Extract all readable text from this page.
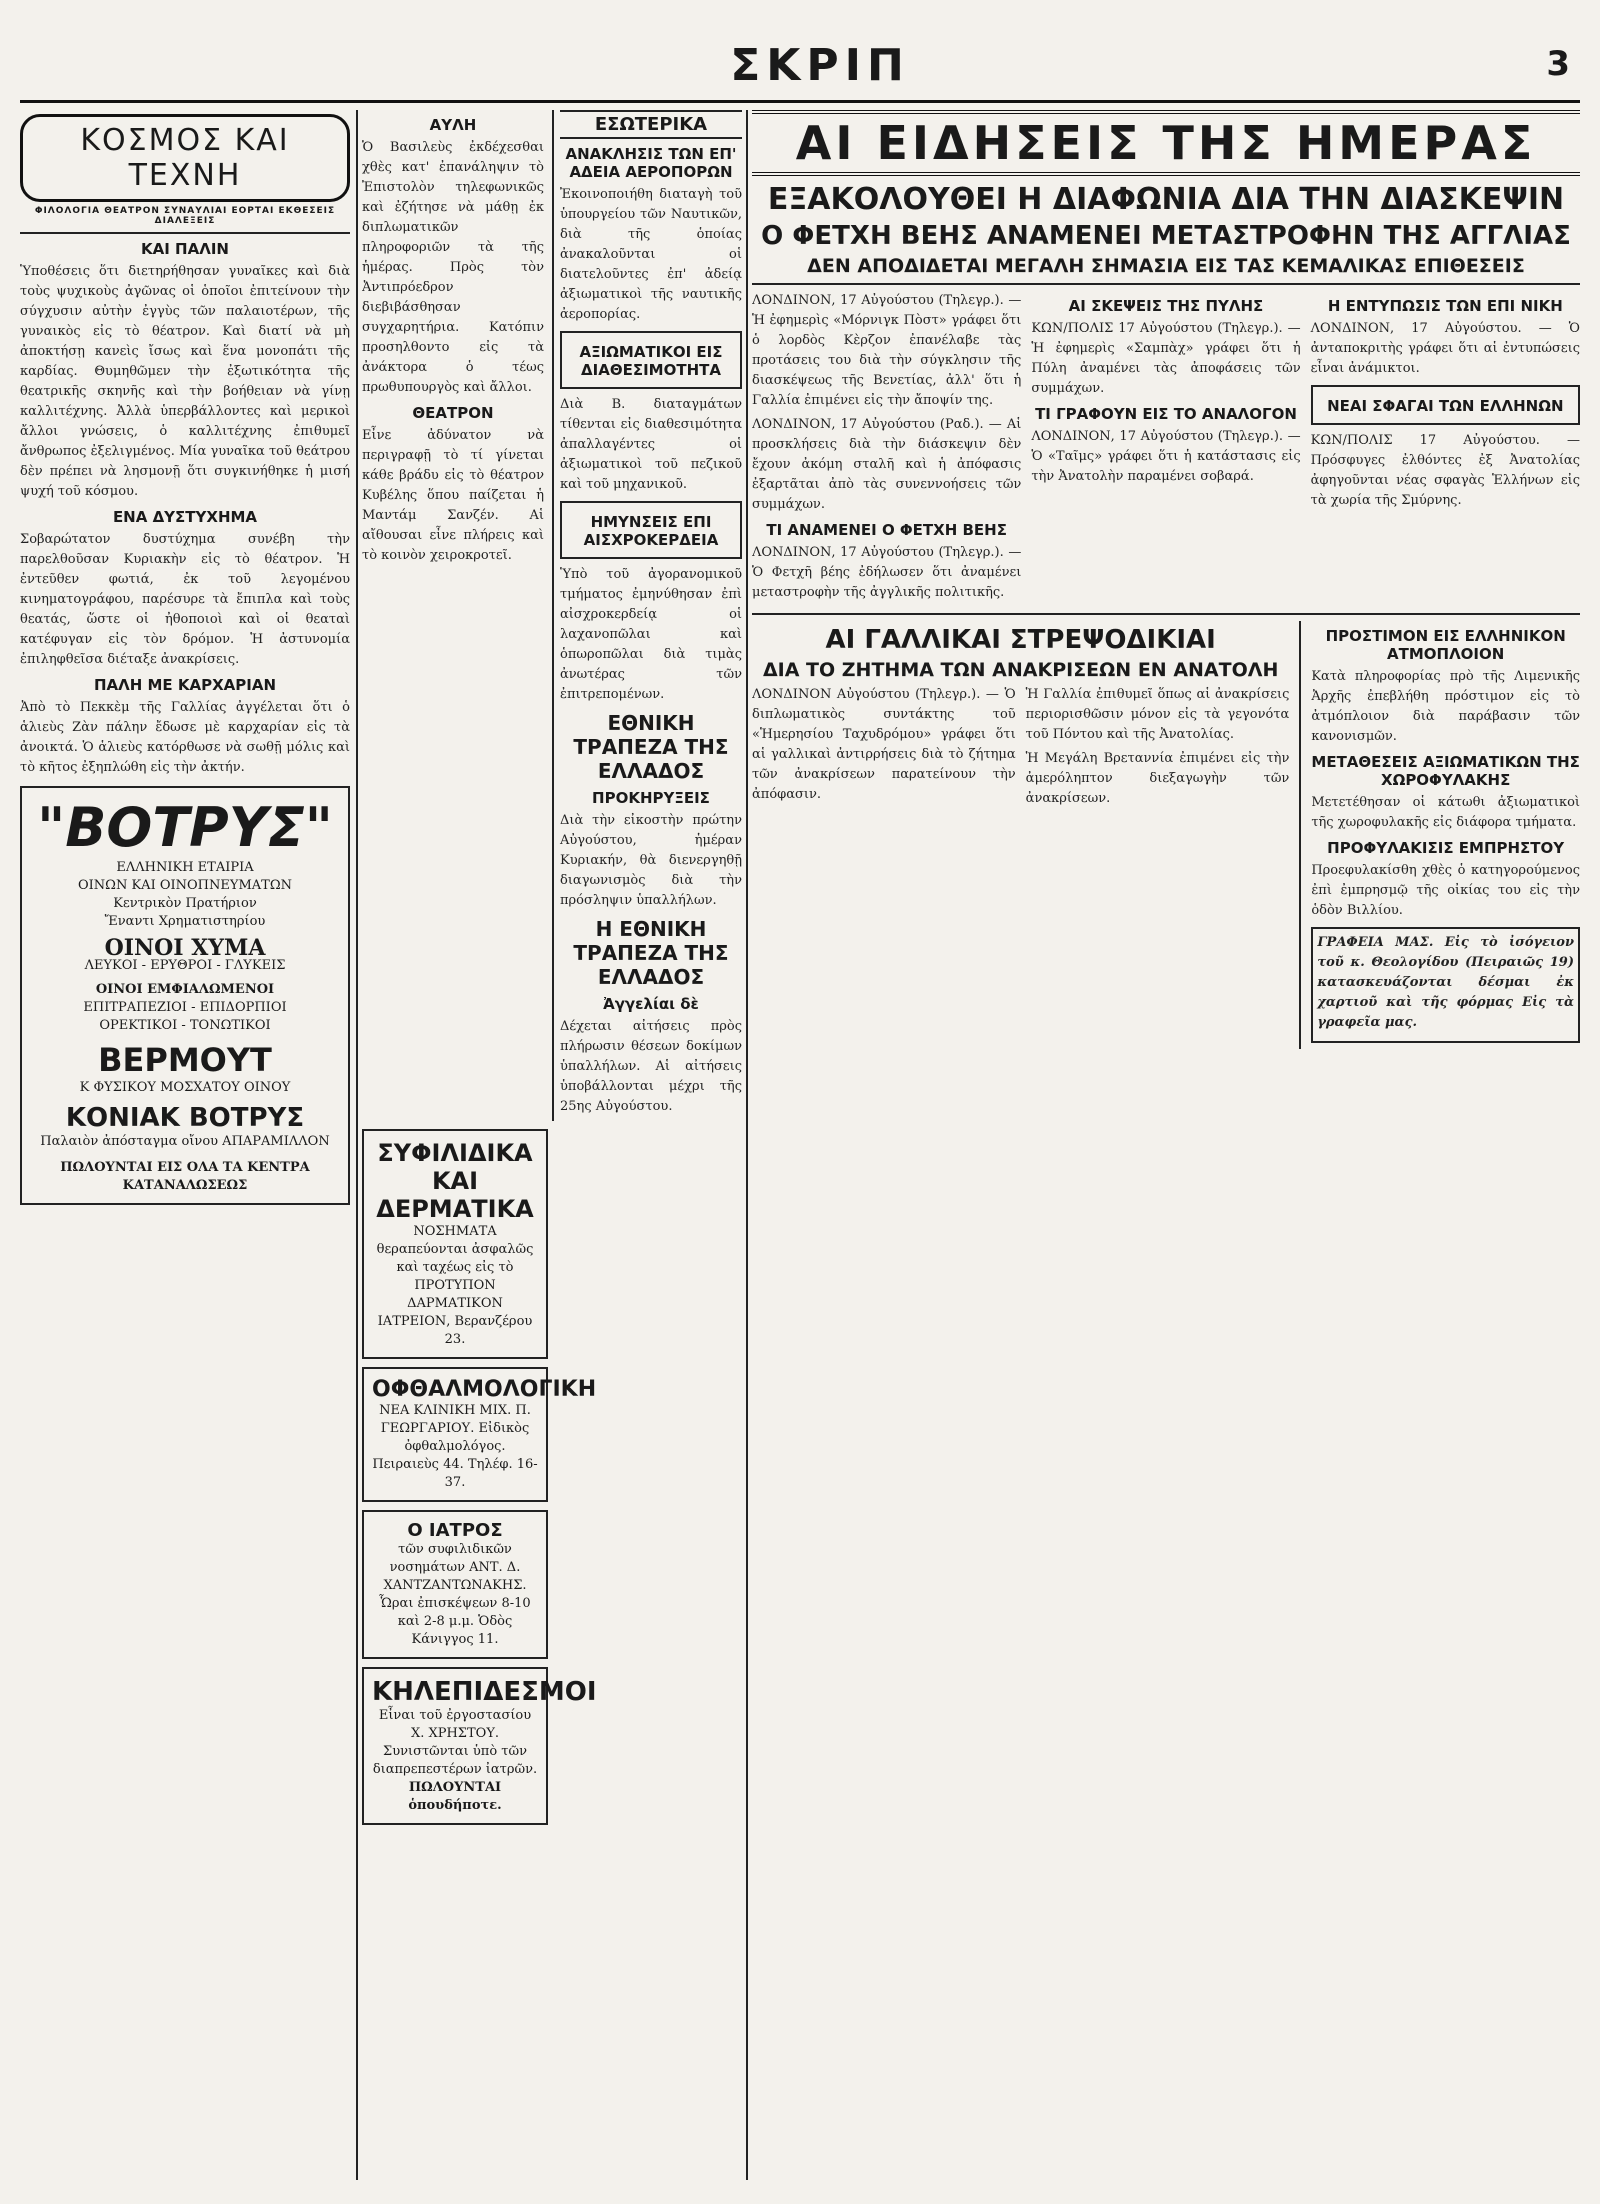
ΣΚΡΙΠ	3
ΚΟΣΜΟΣ ΚΑΙ ΤΕΧΝΗ
ΦΙΛΟΛΟΓΙΑ ΘΕΑΤΡΟΝ ΣΥΝΑΥΛΙΑΙ ΕΟΡΤΑΙ ΕΚΘΕΣΕΙΣ ΔΙΑΛΕΞΕΙΣ
ΚΑΙ ΠΑΛΙΝ

Ὑποθέσεις ὅτι διετηρήθησαν γυναῖκες καὶ διὰ τοὺς ψυχικοὺς ἀγῶνας οἱ ὁποῖοι ἐπιτείνουν τὴν σύγχυσιν αὐτὴν ἐγγὺς τῶν παλαιοτέρων, τῆς γυναικὸς εἰς τὸ θέατρον. Καὶ διατί νὰ μὴ ἀποκτήσῃ κανεὶς ἴσως καὶ ἕνα μονοπάτι τῆς καρδίας. Θυμηθῶμεν τὴν ἐξωτικότητα τῆς θεατρικῆς σκηνῆς καὶ τὴν βοήθειαν νὰ γίνῃ καλλιτέχνης. Ἀλλὰ ὑπερβάλλοντες καὶ μερικοὶ ἄλλοι γνώσεις, ὁ καλλιτέχνης ἐπιθυμεῖ ἄνθρωπος ἐξελιγμένος. Μία γυναῖκα τοῦ θεάτρου δὲν πρέπει νὰ λησμονῇ ὅτι συγκινήθηκε ἡ μισή ψυχή τοῦ κόσμου.

ΕΝΑ ΔΥΣΤΥΧΗΜΑ

Σοβαρώτατον δυστύχημα συνέβη τὴν παρελθοῦσαν Κυριακὴν εἰς τὸ θέατρον. Ἡ ἐντεῦθεν φωτιά, ἐκ τοῦ λεγομένου κινηματογράφου, παρέσυρε τὰ ἔπιπλα καὶ τοὺς θεατάς, ὥστε οἱ ἠθοποιοὶ καὶ οἱ θεαταὶ κατέφυγαν εἰς τὸν δρόμον. Ἡ ἀστυνομία ἐπιληφθεῖσα διέταξε ἀνακρίσεις.

ΠΑΛΗ ΜΕ ΚΑΡΧΑΡΙΑΝ

Ἀπὸ τὸ Πεκκὲμ τῆς Γαλλίας ἀγγέλεται ὅτι ὁ ἁλιεὺς Ζὰν πάλην ἔδωσε μὲ καρχαρίαν εἰς τὰ ἀνοικτά. Ὁ ἁλιεὺς κατόρθωσε νὰ σωθῇ μόλις καὶ τὸ κῆτος ἐξηπλώθη εἰς τὴν ἀκτήν.

"ΒΟΤΡΥΣ"
ΕΛΛΗΝΙΚΗ ΕΤΑΙΡΙΑ
ΟΙΝΩΝ ΚΑΙ ΟΙΝΟΠΝΕΥΜΑΤΩΝ
Κεντρικὸν Πρατήριον
Ἔναντι Χρηματιστηρίου
ΟΙΝΟΙ ΧΥΜΑ
ΛΕΥΚΟΙ - ΕΡΥΘΡΟΙ - ΓΛΥΚΕΙΣ
ΟΙΝΟΙ ΕΜΦΙΑΛΩΜΕΝΟΙ
ΕΠΙΤΡΑΠΕΖΙΟΙ - ΕΠΙΔΟΡΠΙΟΙ
ΟΡΕΚΤΙΚΟΙ - ΤΟΝΩΤΙΚΟΙ
ΒΕΡΜΟΥΤ
Κ ΦΥΣΙΚΟΥ ΜΟΣΧΑΤΟΥ ΟΙΝΟΥ
ΚΟΝΙΑΚ ΒΟΤΡΥΣ
Παλαιὸν ἀπόσταγμα οἴνου ΑΠΑΡΑΜΙΛΛΟΝ
ΠΩΛΟΥΝΤΑΙ ΕΙΣ ΟΛΑ ΤΑ ΚΕΝΤΡΑ ΚΑΤΑΝΑΛΩΣΕΩΣ
ΑΥΛΗ

Ὁ Βασιλεὺς ἐκδέχεσθαι χθὲς κατ' ἐπανάληψιν τὸ Ἐπιστολὸν τηλεφωνικῶς καὶ ἐζήτησε νὰ μάθῃ ἐκ διπλωματικῶν πληροφοριῶν τὰ τῆς ἡμέρας. Πρὸς τὸν Ἀντιπρόεδρον διεβιβάσθησαν συγχαρητήρια. Κατόπιν προσηλθοντο εἰς τὰ ἀνάκτορα ὁ τέως πρωθυπουργὸς καὶ ἄλλοι.

ΘΕΑΤΡΟΝ

Εἶνε ἀδύνατον νὰ περιγραφῇ τὸ τί γίνεται κάθε βράδυ εἰς τὸ θέατρον Κυβέλης ὅπου παίζεται ἡ Μαντάμ Σανζέν. Αἱ αἴθουσαι εἶνε πλήρεις καὶ τὸ κοινὸν χειροκροτεῖ.

ΕΣΩΤΕΡΙΚΑ
ΑΝΑΚΛΗΣΙΣ ΤΩΝ ΕΠ' ΑΔΕΙΑ ΑΕΡΟΠΟΡΩΝ

Ἐκοινοποιήθη διαταγὴ τοῦ ὑπουργείου τῶν Ναυτικῶν, διὰ τῆς ὁποίας ἀνακαλοῦνται οἱ διατελοῦντες ἐπ' ἀδείᾳ ἀξιωματικοὶ τῆς ναυτικῆς ἀεροπορίας.

ΑΞΙΩΜΑΤΙΚΟΙ ΕΙΣ ΔΙΑΘΕΣΙΜΟΤΗΤΑ

Διὰ Β. διαταγμάτων τίθενται εἰς διαθεσιμότητα ἀπαλλαγέντες οἱ ἀξιωματικοὶ τοῦ πεζικοῦ καὶ τοῦ μηχανικοῦ.

ΗΜΥΝΣΕΙΣ ΕΠΙ ΑΙΣΧΡΟΚΕΡΔΕΙΑ

Ὑπὸ τοῦ ἀγορανομικοῦ τμήματος ἐμηνύθησαν ἐπὶ αἰσχροκερδείᾳ οἱ λαχανοπῶλαι καὶ ὁπωροπῶλαι διὰ τιμὰς ἀνωτέρας τῶν ἐπιτρεπομένων.

ΕΘΝΙΚΗ ΤΡΑΠΕΖΑ ΤΗΣ ΕΛΛΑΔΟΣ
ΠΡΟΚΗΡΥΞΕΙΣ

Διὰ τὴν εἰκοστὴν πρώτην Αὐγούστου, ἡμέραν Κυριακήν, θὰ διενεργηθῇ διαγωνισμὸς διὰ τὴν πρόσληψιν ὑπαλλήλων.

Η ΕΘΝΙΚΗ ΤΡΑΠΕΖΑ ΤΗΣ ΕΛΛΑΔΟΣ
Ἀγγελίαι δὲ

Δέχεται αἰτήσεις πρὸς πλήρωσιν θέσεων δοκίμων ὑπαλλήλων. Αἱ αἰτήσεις ὑποβάλλονται μέχρι τῆς 25ης Αὐγούστου.

ΣΥΦΙΛΙΔΙΚΑ ΚΑΙ ΔΕΡΜΑΤΙΚΑ
ΝΟΣΗΜΑΤΑ θεραπεύονται ἀσφαλῶς καὶ ταχέως εἰς τὸ ΠΡΟΤΥΠΟΝ ΔΑΡΜΑΤΙΚΟΝ ΙΑΤΡΕΙΟΝ, Βερανζέρου 23.
ΟΦΘΑΛΜΟΛΟΓΙΚΗ
ΝΕΑ ΚΛΙΝΙΚΗ ΜΙΧ. Π. ΓΕΩΡΓΑΡΙΟΥ. Εἰδικὸς ὀφθαλμολόγος. Πειραιεὺς 44. Τηλέφ. 16-37.
Ο ΙΑΤΡΟΣ
τῶν συφιλιδικῶν νοσημάτων ΑΝΤ. Δ. ΧΑΝΤΖΑΝΤΩΝΑΚΗΣ. Ὧραι ἐπισκέψεων 8-10 καὶ 2-8 μ.μ. Ὁδὸς Κάνιγγος 11.
ΚΗΛΕΠΙΔΕΣΜΟΙ
Εἶναι τοῦ ἐργοστασίου Χ. ΧΡΗΣΤΟΥ. Συνιστῶνται ὑπὸ τῶν διαπρεπεστέρων ἰατρῶν.
ΠΩΛΟΥΝΤΑΙ ὁπουδήποτε.
ΑΙ ΕΙΔΗΣΕΙΣ ΤΗΣ ΗΜΕΡΑΣ
ΕΞΑΚΟΛΟΥΘΕΙ Η ΔΙΑΦΩΝΙΑ ΔΙΑ ΤΗΝ ΔΙΑΣΚΕΨΙΝ
Ο ΦΕΤΧΗ ΒΕΗΣ ΑΝΑΜΕΝΕΙ ΜΕΤΑΣΤΡΟΦΗΝ ΤΗΣ ΑΓΓΛΙΑΣ
ΔΕΝ ΑΠΟΔΙΔΕΤΑΙ ΜΕΓΑΛΗ ΣΗΜΑΣΙΑ ΕΙΣ ΤΑΣ ΚΕΜΑΛΙΚΑΣ ΕΠΙΘΕΣΕΙΣ

ΛΟΝΔΙΝΟΝ, 17 Αὐγούστου (Τηλεγρ.). — Ἡ ἐφημερὶς «Μόρνιγκ Πὸστ» γράφει ὅτι ὁ λορδὸς Κὲρζον ἐπανέλαβε τὰς προτάσεις του διὰ τὴν σύγκλησιν τῆς διασκέψεως τῆς Βενετίας, ἀλλ' ὅτι ἡ Γαλλία ἐπιμένει εἰς τὴν ἄποψίν της.

ΛΟΝΔΙΝΟΝ, 17 Αὐγούστου (Ραδ.). — Αἱ προσκλήσεις διὰ τὴν διάσκεψιν δὲν ἔχουν ἀκόμη σταλῆ καὶ ἡ ἀπόφασις ἐξαρτᾶται ἀπὸ τὰς συνεννοήσεις τῶν συμμάχων.

ΤΙ ΑΝΑΜΕΝΕΙ Ο ΦΕΤΧΗ ΒΕΗΣ

ΛΟΝΔΙΝΟΝ, 17 Αὐγούστου (Τηλεγρ.). — Ὁ Φετχῆ βέης ἐδήλωσεν ὅτι ἀναμένει μεταστροφὴν τῆς ἀγγλικῆς πολιτικῆς.

ΑΙ ΣΚΕΨΕΙΣ ΤΗΣ ΠΥΛΗΣ

ΚΩΝ/ΠΟΛΙΣ 17 Αὐγούστου (Τηλεγρ.). — Ἡ ἐφημερὶς «Σαμπὰχ» γράφει ὅτι ἡ Πύλη ἀναμένει τὰς ἀποφάσεις τῶν συμμάχων.

ΤΙ ΓΡΑΦΟΥΝ ΕΙΣ ΤΟ ΑΝΑΛΟΓΟΝ

ΛΟΝΔΙΝΟΝ, 17 Αὐγούστου (Τηλεγρ.). — Ὁ «Ταῖμς» γράφει ὅτι ἡ κατάστασις εἰς τὴν Ἀνατολὴν παραμένει σοβαρά.

Η ΕΝΤΥΠΩΣΙΣ ΤΩΝ ΕΠΙ ΝΙΚΗ

ΛΟΝΔΙΝΟΝ, 17 Αὐγούστου. — Ὁ ἀνταποκριτὴς γράφει ὅτι αἱ ἐντυπώσεις εἶναι ἀνάμικτοι.

ΝΕΑΙ ΣΦΑΓΑΙ ΤΩΝ ΕΛΛΗΝΩΝ

ΚΩΝ/ΠΟΛΙΣ 17 Αὐγούστου. — Πρόσφυγες ἐλθόντες ἐξ Ἀνατολίας ἀφηγοῦνται νέας σφαγὰς Ἑλλήνων εἰς τὰ χωρία τῆς Σμύρνης.

ΑΙ ΓΑΛΛΙΚΑΙ ΣΤΡΕΨΟΔΙΚΙΑΙ
ΔΙΑ ΤΟ ΖΗΤΗΜΑ ΤΩΝ ΑΝΑΚΡΙΣΕΩΝ ΕΝ ΑΝΑΤΟΛΗ

ΛΟΝΔΙΝΟΝ Αὐγούστου (Τηλεγρ.). — Ὁ διπλωματικὸς συντάκτης τοῦ «Ἡμερησίου Ταχυδρόμου» γράφει ὅτι αἱ γαλλικαὶ ἀντιρρήσεις διὰ τὸ ζήτημα τῶν ἀνακρίσεων παρατείνουν τὴν ἀπόφασιν.

Ἡ Γαλλία ἐπιθυμεῖ ὅπως αἱ ἀνακρίσεις περιορισθῶσιν μόνον εἰς τὰ γεγονότα τοῦ Πόντου καὶ τῆς Ἀνατολίας.

Ἡ Μεγάλη Βρεταννία ἐπιμένει εἰς τὴν ἀμερόληπτον διεξαγωγὴν τῶν ἀνακρίσεων.

ΠΡΟΣΤΙΜΟΝ ΕΙΣ ΕΛΛΗΝΙΚΟΝ ΑΤΜΟΠΛΟΙΟΝ

Κατὰ πληροφορίας πρὸ τῆς Λιμενικῆς Ἀρχῆς ἐπεβλήθη πρόστιμον εἰς τὸ ἀτμόπλοιον διὰ παράβασιν τῶν κανονισμῶν.

ΜΕΤΑΘΕΣΕΙΣ ΑΞΙΩΜΑΤΙΚΩΝ ΤΗΣ ΧΩΡΟΦΥΛΑΚΗΣ

Μετετέθησαν οἱ κάτωθι ἀξιωματικοὶ τῆς χωροφυλακῆς εἰς διάφορα τμήματα.

ΠΡΟΦΥΛΑΚΙΣΙΣ ΕΜΠΡΗΣΤΟΥ

Προεφυλακίσθη χθὲς ὁ κατηγορούμενος ἐπὶ ἐμπρησμῷ τῆς οἰκίας του εἰς τὴν ὁδὸν Βιλλίου.

ΓΡΑΦΕΙΑ ΜΑΣ. Εἰς τὸ ἰσόγειον τοῦ κ. Θεολογίδου (Πειραιῶς 19) κατασκευάζονται δέσμαι ἐκ χαρτιοῦ καὶ τῆς φόρμας Εἰς τὰ γραφεῖα μας.
